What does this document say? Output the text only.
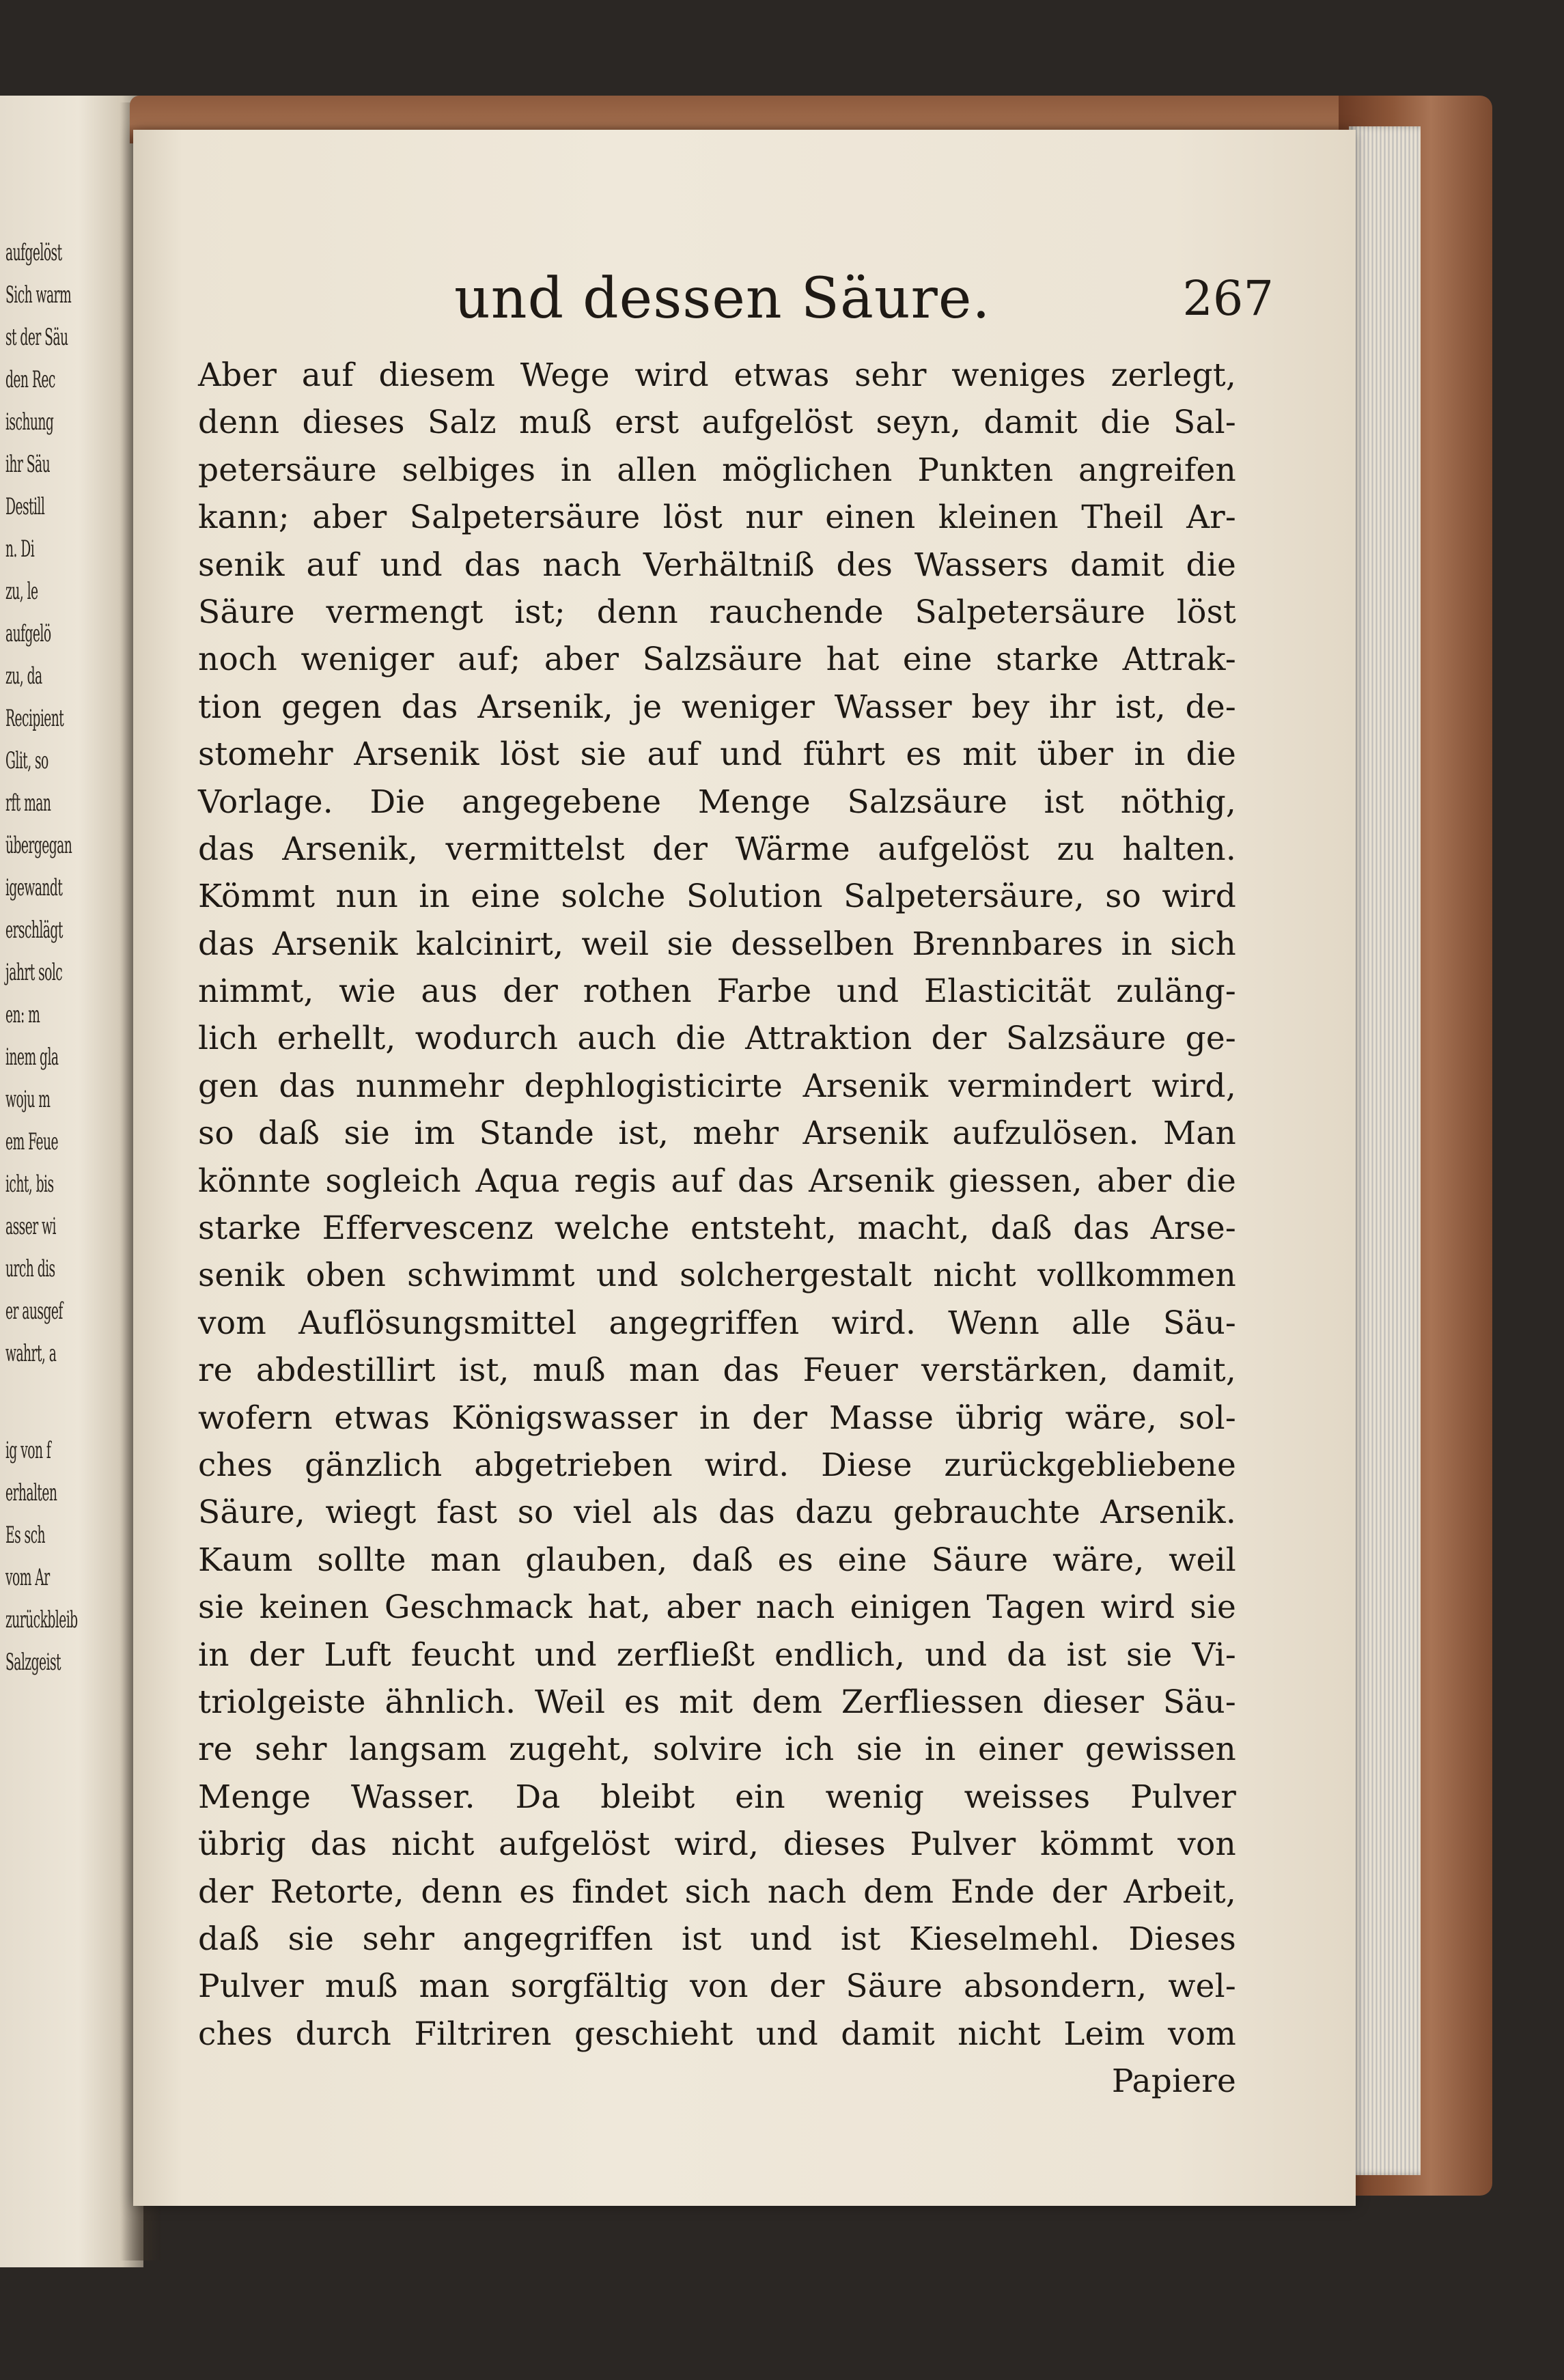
aufgelöst
Sich warm
st der Säu
den Rec
ischung
ihr Säu
Destill
n. Di
zu, le
aufgelö
zu, da
Recipient
Glit, so
rft man
übergegan
igewandt
erschlägt
jahrt solc
en: m
inem gla
woju m
em Feue
icht, bis
asser wi
urch dis
er ausgef
wahrt, a
ig von f
erhalten
Es sch
vom Ar
zurückbleib
Salzgeist
und dessen Säure.	267
Aber auf diesem Wege wird etwas sehr weniges zerlegt,
denn dieses Salz muß erst aufgelöst seyn, damit die Sal-
petersäure selbiges in allen möglichen Punkten angreifen
kann; aber Salpetersäure löst nur einen kleinen Theil Ar-
senik auf und das nach Verhältniß des Wassers damit die
Säure vermengt ist; denn rauchende Salpetersäure löst
noch weniger auf; aber Salzsäure hat eine starke Attrak-
tion gegen das Arsenik, je weniger Wasser bey ihr ist, de-
stomehr Arsenik löst sie auf und führt es mit über in die
Vorlage. Die angegebene Menge Salzsäure ist nöthig,
das Arsenik, vermittelst der Wärme aufgelöst zu halten.
Kömmt nun in eine solche Solution Salpetersäure, so wird
das Arsenik kalcinirt, weil sie desselben Brennbares in sich
nimmt, wie aus der rothen Farbe und Elasticität zuläng-
lich erhellt, wodurch auch die Attraktion der Salzsäure ge-
gen das nunmehr dephlogisticirte Arsenik vermindert wird,
so daß sie im Stande ist, mehr Arsenik aufzulösen. Man
könnte sogleich Aqua regis auf das Arsenik giessen, aber die
starke Effervescenz welche entsteht, macht, daß das Arse-
senik oben schwimmt und solchergestalt nicht vollkommen
vom Auflösungsmittel angegriffen wird. Wenn alle Säu-
re abdestillirt ist, muß man das Feuer verstärken, damit,
wofern etwas Königswasser in der Masse übrig wäre, sol-
ches gänzlich abgetrieben wird. Diese zurückgebliebene
Säure, wiegt fast so viel als das dazu gebrauchte Arsenik.
Kaum sollte man glauben, daß es eine Säure wäre, weil
sie keinen Geschmack hat, aber nach einigen Tagen wird sie
in der Luft feucht und zerfließt endlich, und da ist sie Vi-
triolgeiste ähnlich. Weil es mit dem Zerfliessen dieser Säu-
re sehr langsam zugeht, solvire ich sie in einer gewissen
Menge Wasser. Da bleibt ein wenig weisses Pulver
übrig das nicht aufgelöst wird, dieses Pulver kömmt von
der Retorte, denn es findet sich nach dem Ende der Arbeit,
daß sie sehr angegriffen ist und ist Kieselmehl. Dieses
Pulver muß man sorgfältig von der Säure absondern, wel-
ches durch Filtriren geschieht und damit nicht Leim vom
Papiere
